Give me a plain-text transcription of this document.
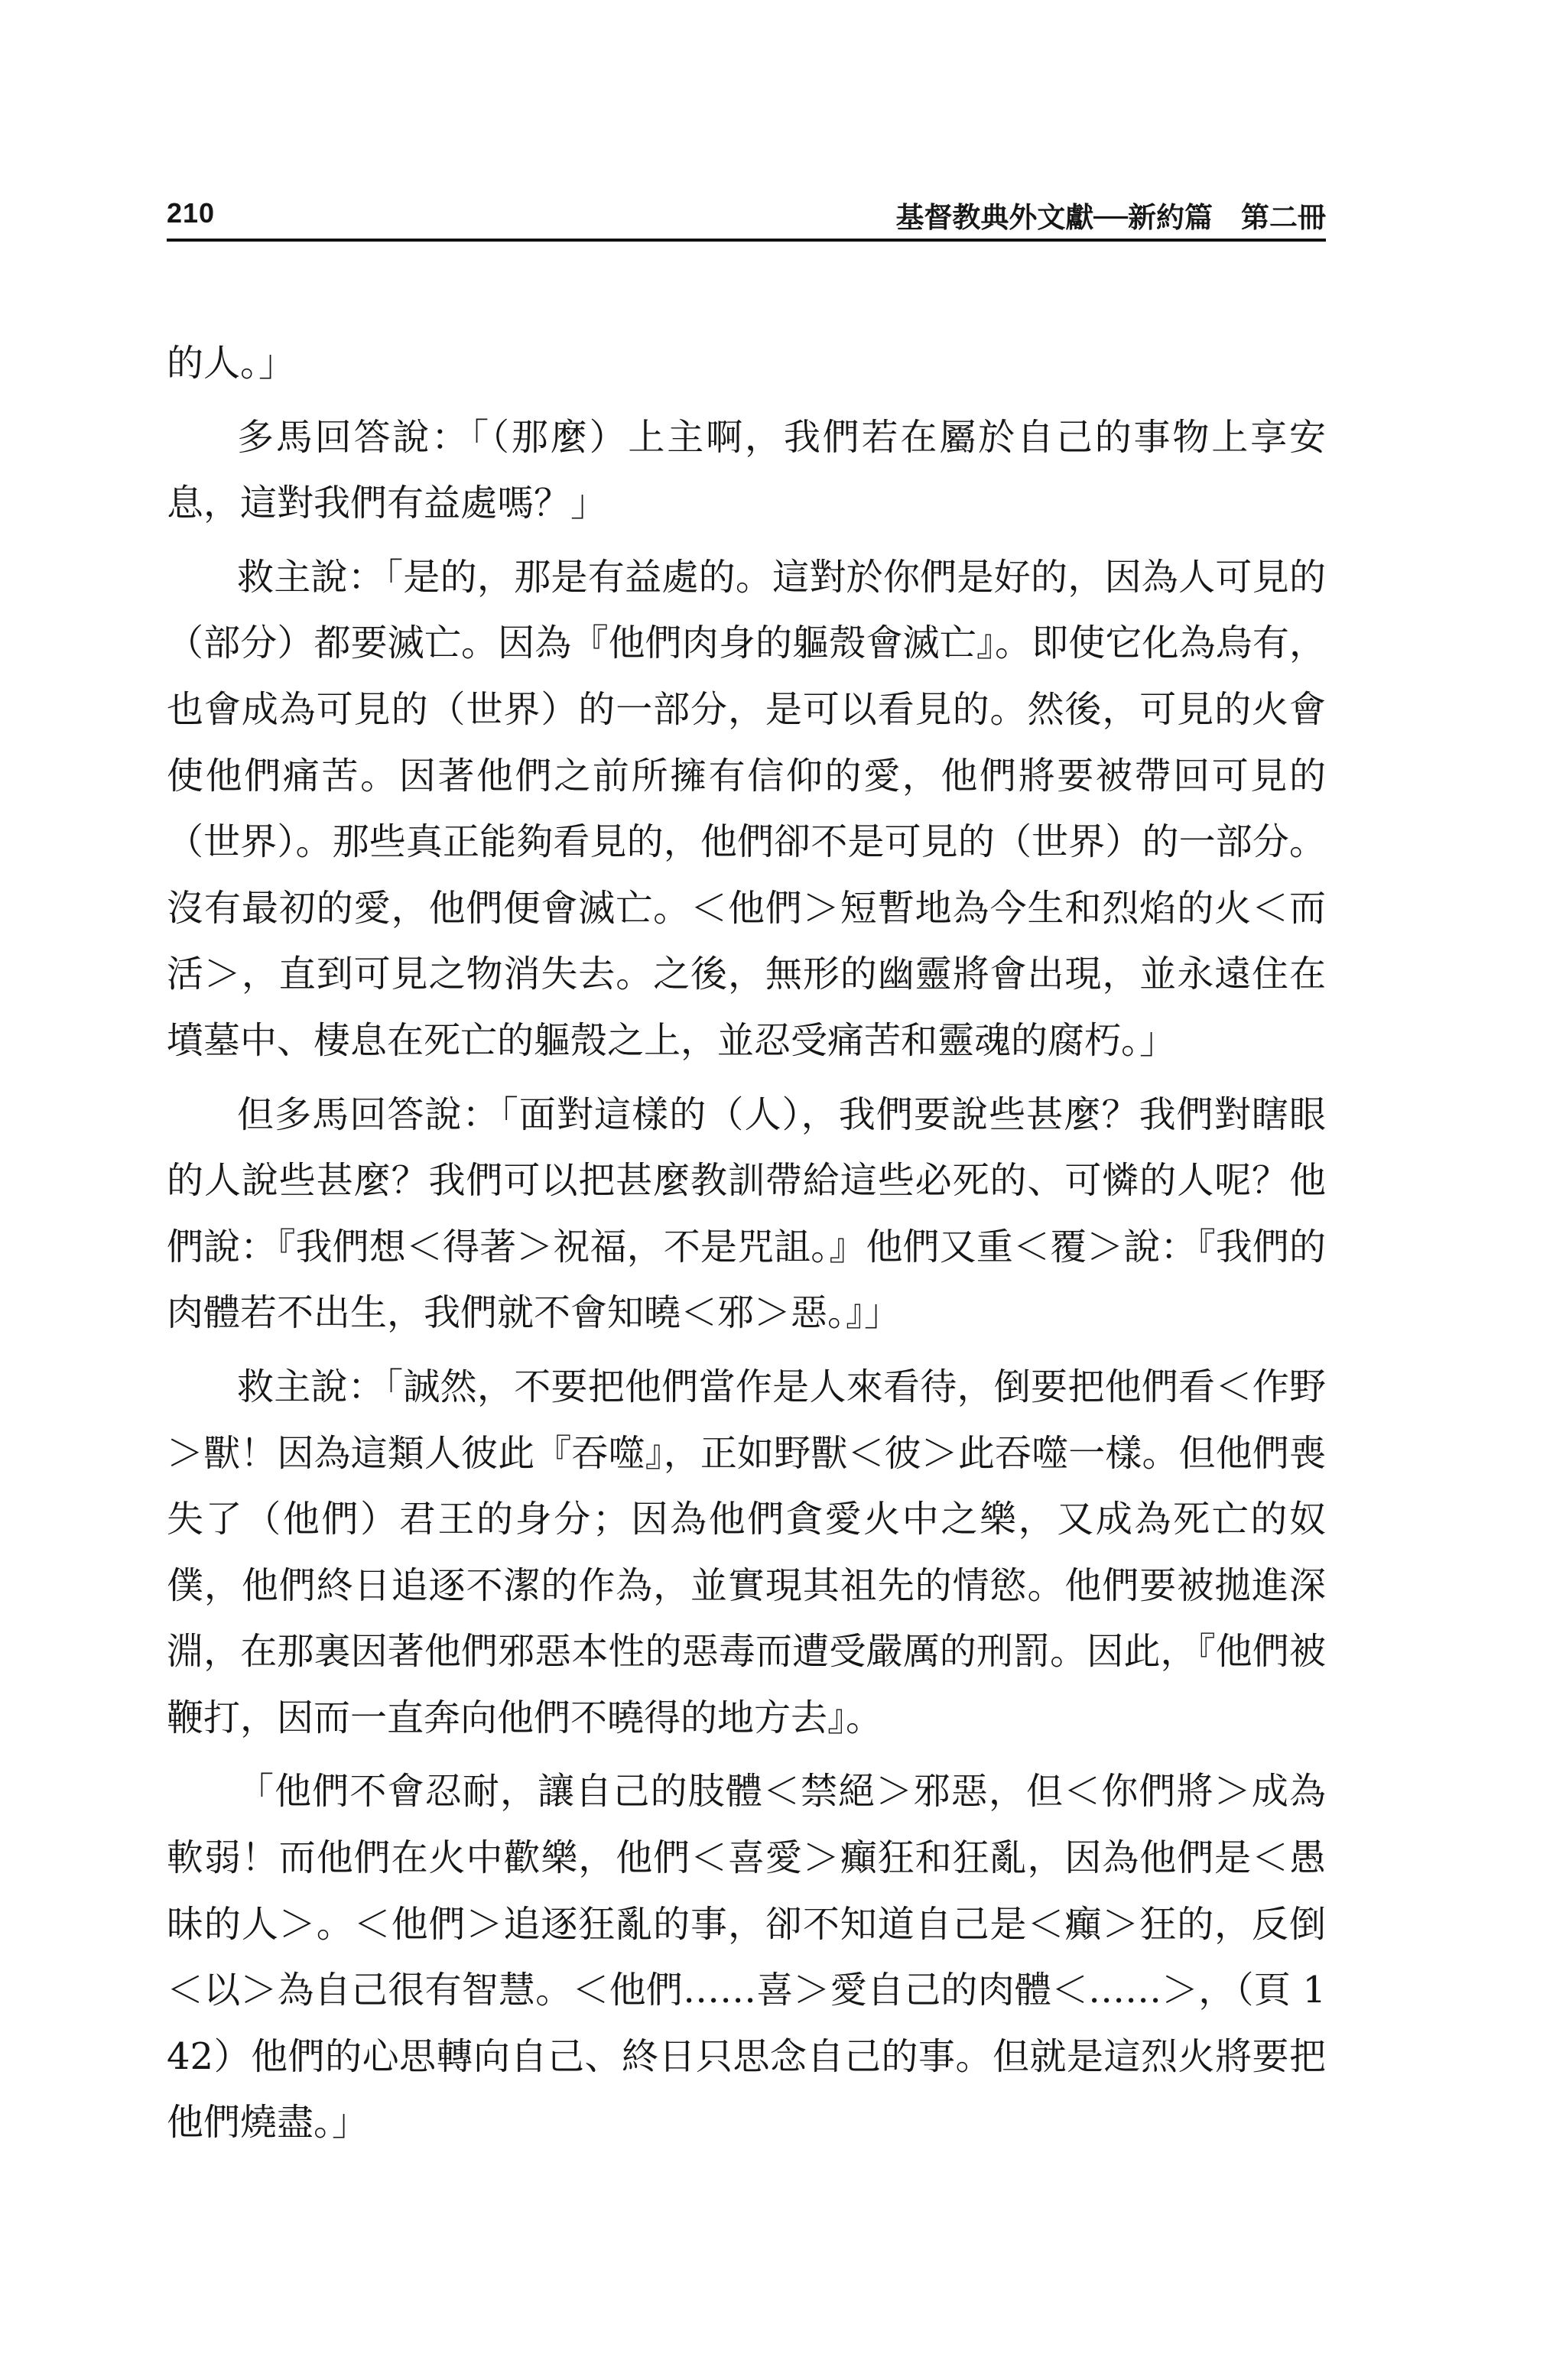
210	基督教典外文獻──新約篇　第二冊

的人。」

多馬回答說：「（那麼）上主啊，我們若在屬於自己的事物上享安息，這對我們有益處嗎？」

救主說：「是的，那是有益處的。這對於你們是好的，因為人可見的（部分）都要滅亡。因為『他們肉身的軀殼會滅亡』。即使它化為烏有，也會成為可見的（世界）的一部分，是可以看見的。然後，可見的火會使他們痛苦。因著他們之前所擁有信仰的愛，他們將要被帶回可見的（世界）。那些真正能夠看見的，他們卻不是可見的（世界）的一部分。沒有最初的愛，他們便會滅亡。＜他們＞短暫地為今生和烈焰的火＜而活＞，直到可見之物消失去。之後，無形的幽靈將會出現，並永遠住在墳墓中、棲息在死亡的軀殼之上，並忍受痛苦和靈魂的腐朽。」

但多馬回答說：「面對這樣的（人），我們要說些甚麼？我們對瞎眼的人說些甚麼？我們可以把甚麼教訓帶給這些必死的、可憐的人呢？他們說：『我們想＜得著＞祝福，不是咒詛。』他們又重＜覆＞說：『我們的肉體若不出生，我們就不會知曉＜邪＞惡。』」

救主說：「誠然，不要把他們當作是人來看待，倒要把他們看＜作野＞獸！因為這類人彼此『吞噬』，正如野獸＜彼＞此吞噬一樣。但他們喪失了（他們）君王的身分；因為他們貪愛火中之樂，又成為死亡的奴僕，他們終日追逐不潔的作為，並實現其祖先的情慾。他們要被拋進深淵，在那裏因著他們邪惡本性的惡毒而遭受嚴厲的刑罰。因此，『他們被鞭打，因而一直奔向他們不曉得的地方去』。

「他們不會忍耐，讓自己的肢體＜禁絕＞邪惡，但＜你們將＞成為軟弱！而他們在火中歡樂，他們＜喜愛＞癲狂和狂亂，因為他們是＜愚昧的人＞。＜他們＞追逐狂亂的事，卻不知道自己是＜癲＞狂的，反倒＜以＞為自己很有智慧。＜他們……喜＞愛自己的肉體＜……＞，（頁 142）他們的心思轉向自己、終日只思念自己的事。但就是這烈火將要把他們燒盡。」
